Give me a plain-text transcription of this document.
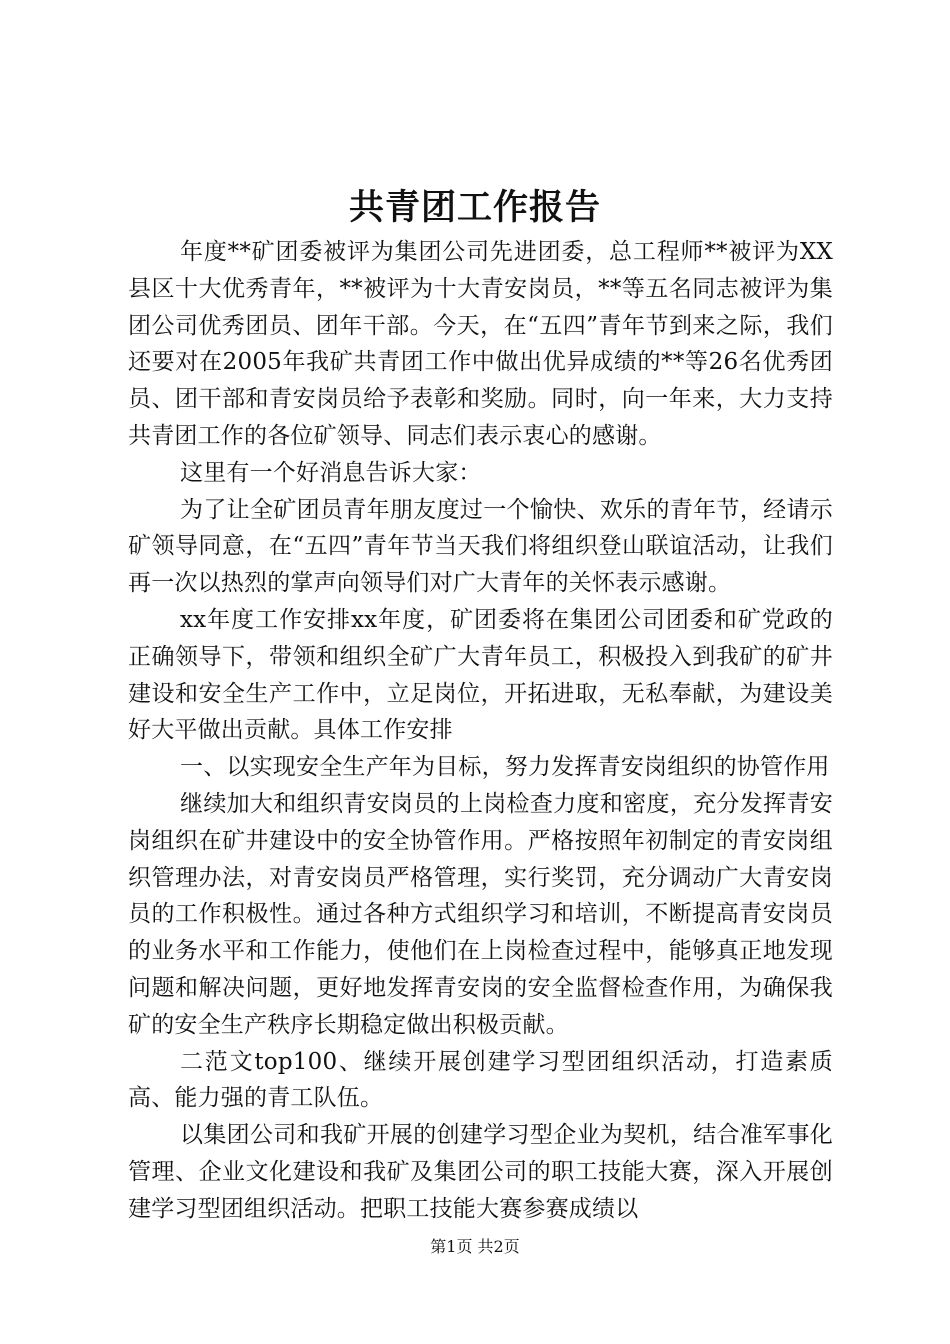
共青团工作报告

年度**矿团委被评为集团公司先进团委，总工程师**被评为XX县区十大优秀青年，**被评为十大青安岗员，**等五名同志被评为集团公司优秀团员、团年干部。今天，在“五四”青年节到来之际，我们还要对在2005年我矿共青团工作中做出优异成绩的**等26名优秀团员、团干部和青安岗员给予表彰和奖励。同时，向一年来，大力支持共青团工作的各位矿领导、同志们表示衷心的感谢。

这里有一个好消息告诉大家：

为了让全矿团员青年朋友度过一个愉快、欢乐的青年节，经请示矿领导同意，在“五四”青年节当天我们将组织登山联谊活动，让我们再一次以热烈的掌声向领导们对广大青年的关怀表示感谢。

xx年度工作安排xx年度，矿团委将在集团公司团委和矿党政的正确领导下，带领和组织全矿广大青年员工，积极投入到我矿的矿井建设和安全生产工作中，立足岗位，开拓进取，无私奉献，为建设美好大平做出贡献。具体工作安排

一、以实现安全生产年为目标，努力发挥青安岗组织的协管作用

继续加大和组织青安岗员的上岗检查力度和密度，充分发挥青安岗组织在矿井建设中的安全协管作用。严格按照年初制定的青安岗组织管理办法，对青安岗员严格管理，实行奖罚，充分调动广大青安岗员的工作积极性。通过各种方式组织学习和培训，不断提高青安岗员的业务水平和工作能力，使他们在上岗检查过程中，能够真正地发现问题和解决问题，更好地发挥青安岗的安全监督检查作用，为确保我矿的安全生产秩序长期稳定做出积极贡献。

二范文top100、继续开展创建学习型团组织活动，打造素质高、能力强的青工队伍。

以集团公司和我矿开展的创建学习型企业为契机，结合准军事化管理、企业文化建设和我矿及集团公司的职工技能大赛，深入开展创建学习型团组织活动。把职工技能大赛参赛成绩以

第1页 共2页
